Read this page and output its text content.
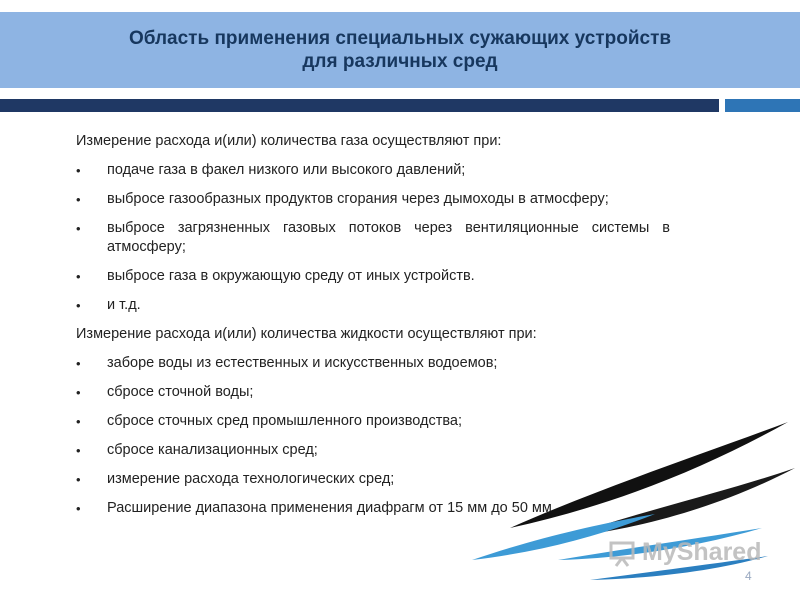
Область применения специальных сужающих устройств
для различных сред

Измерение расхода и(или) количества газа осуществляют при:

• подаче газа в факел низкого или высокого давлений;
• выбросе газообразных продуктов сгорания через дымоходы в атмосферу;
• выбросе загрязненных газовых потоков через вентиляционные системы в атмосферу;
• выбросе газа в окружающую среду от иных устройств.
• и т.д.

Измерение расхода и(или) количества жидкости осуществляют при:

• заборе воды из естественных и искусственных водоемов;
• сбросе сточной воды;
• сбросе сточных сред промышленного производства;
• сбросе канализационных сред;
• измерение расхода технологических сред;
• Расширение диапазона применения диафрагм от 15 мм до 50 мм.
MyShared
4
